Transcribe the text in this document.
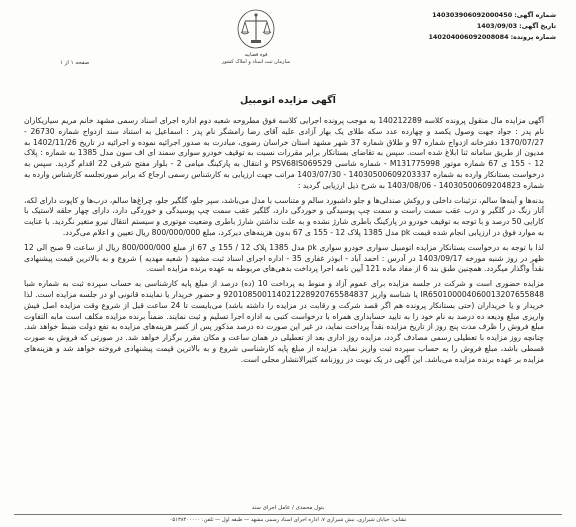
شماره آگهی: 140303906092000450
تاریخ آگهی: 1403/09/03
شماره پرونده: 140204006092008084
قوه قضاییه
سازمان ثبت اسناد و املاک کشور
صفحه ۱ از ۱
آگهی مزایده اتومبیل

آگهی مزایده مال منقول پرونده کلاسه 140212289 به موجب پرونده اجرایی کلاسه فوق مطروحه شعبه دوم اداره اجرای اسناد رسمی مشهد خانم مریم سیاریکاران نام پدر : جواد جهت وصول یکصد و چهارده عدد سکه طلای یک بهار آزادی علیه آقای رضا رامشگر نام پدر : اسماعیل به استناد سند ازدواج شماره 26730 - 1370/07/27 دفترخانه ازدواج شماره 97 و طلاق شماره 37 شهر مشهد استان خراسان رضوی، مبادرت به صدور اجرائیه نموده و اجرائیه در تاریخ 1402/11/26 به مدیون از طریق سامانه ثنا ابلاغ شده است. سپس به تقاضای بستانکار برابر مقررات نسبت به توقیف خودرو سواری سمند ای اف سون مدل 1385 به شماره : پلاک 12 - 155 ی 67 شماره موتور M131775998 - شماره شاسی PSV68IS069529 و انتقال به پارکینگ میامی 2 - بلوار مفتح شرقی 22 اقدام گردید. سپس به درخواست بستانکار وارده به شماره 14030500609203337 - 1403/07/30 مراتب جهت ارزیابی به کارشناس رسمی ارجاع که برابر صورتجلسه کارشناس وارده به شماره 14030500609204823 - 1403/08/06 به شرح ذیل ارزیابی گردید :

بدنه‌ها و آینه‌ها سالم، تزئینات داخلی و روکش صندلی‌ها و جلو داشبورد سالم و متناسب با مدل می‌باشد، سپر جلو، گلگیر جلو، چراغ‌ها سالم، درب‌ها و کاپوت دارای لکه، آثار رنگ در گلگیر و درب عقب سمت راست و سمت چپ پوسیدگی و خوردگی دارد، گلگیر عقب سمت چپ پوسیدگی و خوردگی دارد، دارای چهار حلقه لاستیک با کارایی 50 درصد و با توجه به توقیف خودرو در پارکینگ باطری شارژ نشده و به علت نداشتن شارژ باطری وضعیت موتوری و سیستم انتقال نیرو متغیر نگردید. با عنایت به موارد فوق در ارزیابی انجام شده قیمت pk مدل 1385 پلاک 12 - 155 ی 67 بدون هزینه‌های دیرکرد، مبلغ 800/000/000 ریال تعیین و اعلام می‌گردد.

لذا با توجه به درخواست بستانکار مزایده اتومبیل سواری خودرو سواری pk مدل 1385 پلاک 12 / 155 ی 67 از مبلغ 800/000/000 ریال از ساعت 9 صبح الی 12 ظهر در روز شنبه مورخه 1403/09/17 در آدرس : احمد آباد - ابوذر غفاری 35 - اداره اجرای اسناد ثبت مشهد ( شعبه مهدیه ) شروع و به بالاترین قیمت پیشنهادی نقداً واگذار میگردد. همچنین طبق بند 6 از مفاد ماده 121 آیین نامه اجرا پرداخت بدهی‌های مربوطه به عهده برنده مزایده است.

مزایده حضوری است و شرکت در جلسه مزایده برای عموم آزاد و منوط به پرداخت 10 (ده) درصد از مبلغ پایه کارشناسی به حساب سپرده ثبت به شماره شبا IR650100004060013207655848 یا شناسه واریز 920108500114021228920765584837 و حضور خریدار یا نماینده قانونی او در جلسه مزایده است. لذا خریدار و یا خریداران (حتی بستانکار پرونده هم اگر قصد شرکت و رقابت در مزایده را داشته باشد) می‌بایست تا 24 ساعت قبل از شروع وقت مزایده اصل فیش واریزی مبلغ ودیعه ده درصد به نام خود را به تایید حسابداری همراه با درخواست کتبی به اداره اجرا تسلیم و ثبت نمایند. ضمناً برنده مزایده مکلف است مابه التفاوت مبلغ فروش را ظرف مدت پنج روز از تاریخ مزایده نقداً پرداخت نماید، در غیر این صورت ده درصد مذکور پس از کسر هزینه‌های مزایده به نفع دولت ضبط خواهد شد. چنانچه روز مزایده با تعطیلی رسمی مصادف گردد، مزایده روز اداری بعد از تعطیلی در همان ساعت و مکان مقرر برگزار خواهد شد. در صورتی که فروش به صورت قسطی باشد، مبلغ فروش را به حساب سپرده ثبت واریز نماید. مزایده از مبلغ پایه کارشناسی شروع و به بالاترین قیمت پیشنهادی فروخته خواهد شد و هزینه‌های مزایده بر عهده برنده مزایده می‌باشد. این آگهی در یک نوبت در روزنامه کثیرالانتشار محلی است.

بتول محمدی / عامل اجرای سند
نشانی: خیابان شیرازی، نبش شیرازی ۷، اداره اجرای اسناد رسمی مشهد — طبقه اول — تلفن: ۰۵۱۳۸۴۰۰۰۰۰
